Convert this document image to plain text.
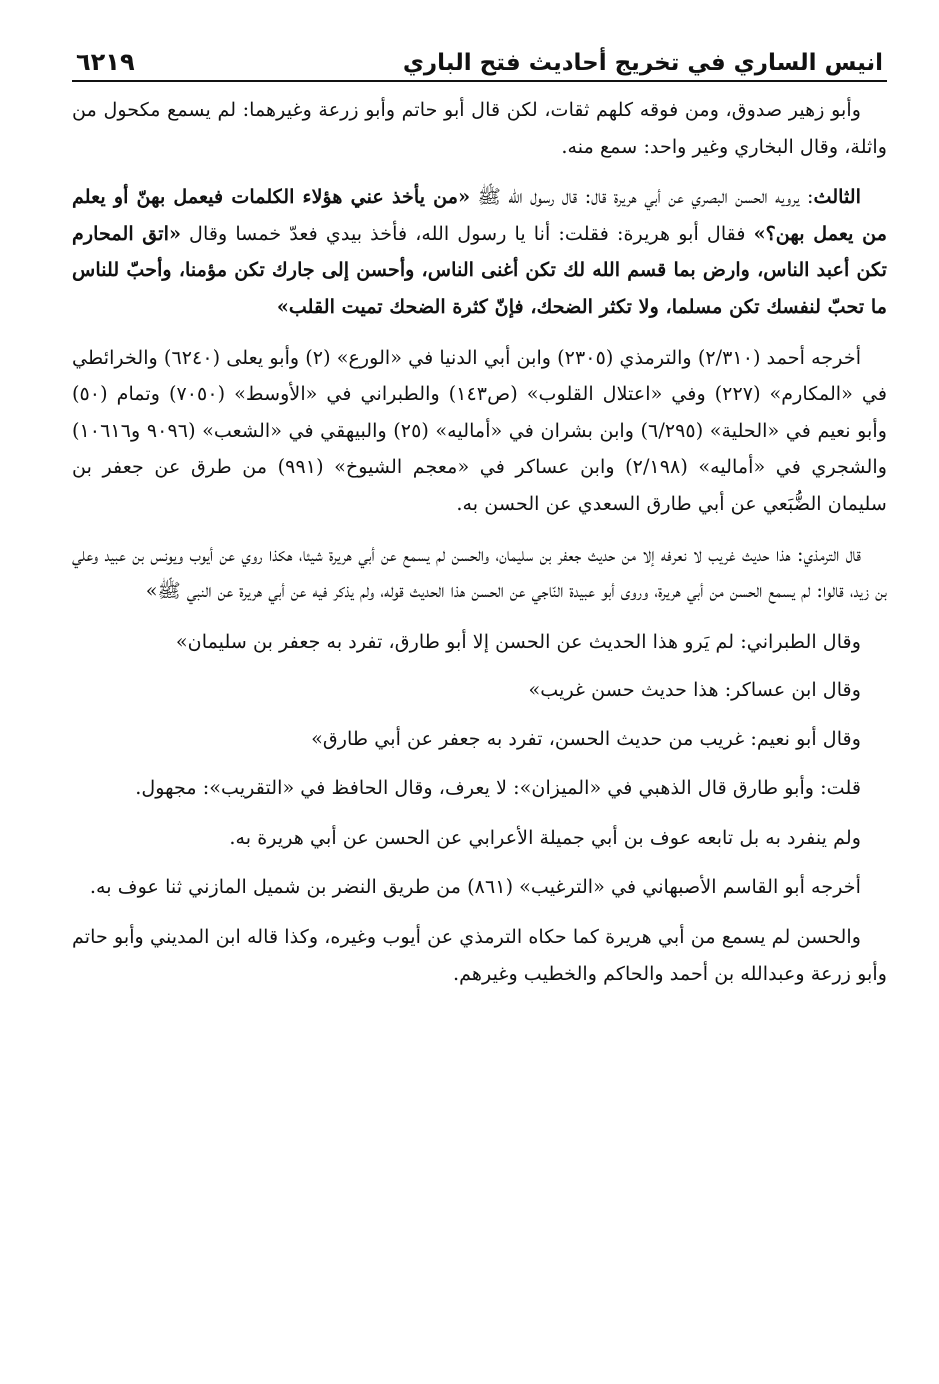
انيس الساري في تخريج أحاديث فتح الباري
٦٢١٩

وأبو زهير صدوق، ومن فوقه كلهم ثقات، لكن قال أبو حاتم وأبو زرعة وغيرهما: لم يسمع مكحول من واثلة، وقال البخاري وغير واحد: سمع منه.

الثالث: يرويه الحسن البصري عن أبي هريرة قال: قال رسول الله ﷺ «من يأخذ عني هؤلاء الكلمات فيعمل بهنّ أو يعلم من يعمل بهن؟» فقال أبو هريرة: فقلت: أنا يا رسول الله، فأخذ بيدي فعدّ خمسا وقال «اتق المحارم تكن أعبد الناس، وارض بما قسم الله لك تكن أغنى الناس، وأحسن إلى جارك تكن مؤمنا، وأحبّ للناس ما تحبّ لنفسك تكن مسلما، ولا تكثر الضحك، فإنّ كثرة الضحك تميت القلب»

أخرجه أحمد (٢/٣١٠) والترمذي (٢٣٠٥) وابن أبي الدنيا في «الورع» (٢) وأبو يعلى (٦٢٤٠) والخرائطي في «المكارم» (٢٢٧) وفي «اعتلال القلوب» (ص١٤٣) والطبراني في «الأوسط» (٧٠٥٠) وتمام (٥٠) وأبو نعيم في «الحلية» (٦/٢٩٥) وابن بشران في «أماليه» (٢٥) والبيهقي في «الشعب» (٩٠٩٦ و١٠٦١٦) والشجري في «أماليه» (٢/١٩٨) وابن عساكر في «معجم الشيوخ» (٩٩١) من طرق عن جعفر بن سليمان الضُّبَعي عن أبي طارق السعدي عن الحسن به.

قال الترمذي: هذا حديث غريب لا نعرفه إلا من حديث جعفر بن سليمان، والحسن لم يسمع عن أبي هريرة شيئا، هكذا روي عن أيوب ويونس بن عبيد وعلي بن زيد، قالوا: لم يسمع الحسن من أبي هريرة، وروى أبو عبيدة النّاجي عن الحسن هذا الحديث قوله، ولم يذكر فيه عن أبي هريرة عن النبي ﷺ»

وقال الطبراني: لم يَرو هذا الحديث عن الحسن إلا أبو طارق، تفرد به جعفر بن سليمان»

وقال ابن عساكر: هذا حديث حسن غريب»

وقال أبو نعيم: غريب من حديث الحسن، تفرد به جعفر عن أبي طارق»

قلت: وأبو طارق قال الذهبي في «الميزان»: لا يعرف، وقال الحافظ في «التقريب»: مجهول.

ولم ينفرد به بل تابعه عوف بن أبي جميلة الأعرابي عن الحسن عن أبي هريرة به.

أخرجه أبو القاسم الأصبهاني في «الترغيب» (٨٦١) من طريق النضر بن شميل المازني ثنا عوف به.

والحسن لم يسمع من أبي هريرة كما حكاه الترمذي عن أيوب وغيره، وكذا قاله ابن المديني وأبو حاتم وأبو زرعة وعبدالله بن أحمد والحاكم والخطيب وغيرهم.
